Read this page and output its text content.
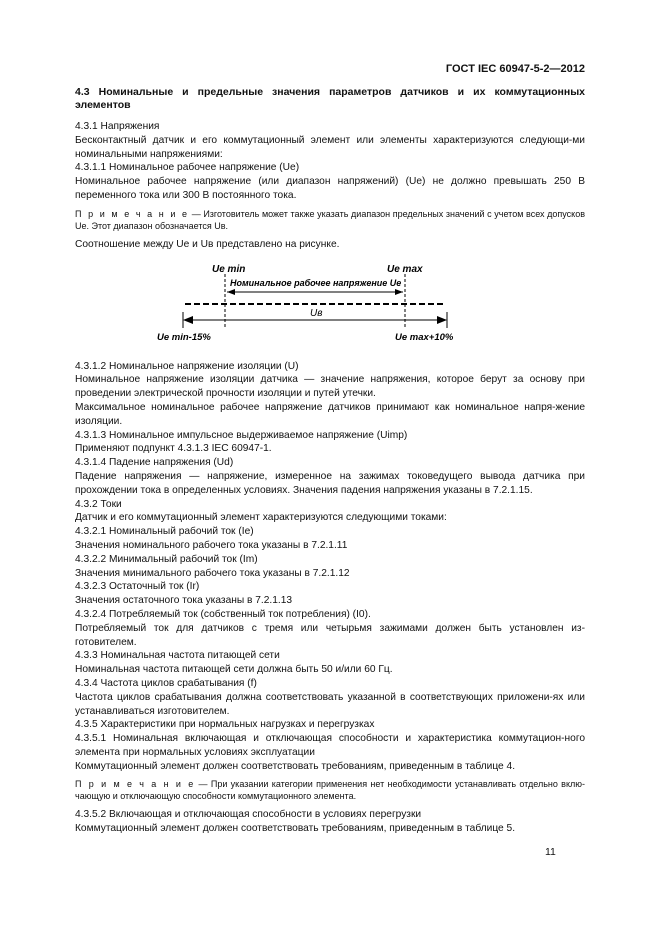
ГОСТ IEC 60947-5-2—2012

4.3 Номинальные и предельные значения параметров датчиков и их коммутационных элементов

4.3.1 Напряжения

Бесконтактный датчик и его коммутационный элемент или элементы характеризуются следующи-ми номинальными напряжениями:

4.3.1.1 Номинальное рабочее напряжение (Uе)

Номинальное рабочее напряжение (или диапазон напряжений) (Uе) не должно превышать 250 В переменного тока или 300 В постоянного тока.

П р и м е ч а н и е — Изготовитель может также указать диапазон предельных значений с учетом всех допусков Uе. Этот диапазон обозначается Uв.

Соотношение между Uе и Uв представлено на рисунке.

Uе min	Uе max
Номинальное рабочее напряжение Uе
Uв
Uе min-15%	Uе max+10%

4.3.1.2 Номинальное напряжение изоляции (U)

Номинальное напряжение изоляции датчика — значение напряжения, которое берут за основу при проведении электрической прочности изоляции и путей утечки.

Максимальное номинальное рабочее напряжение датчиков принимают как номинальное напря-жение изоляции.

4.3.1.3 Номинальное импульсное выдерживаемое напряжение (Uimp)

Применяют подпункт 4.3.1.3 IEC 60947-1.

4.3.1.4 Падение напряжения (Ud)

Падение напряжения — напряжение, измеренное на зажимах токоведущего вывода датчика при прохождении тока в определенных условиях. Значения падения напряжения указаны в 7.2.1.15.

4.3.2 Токи

Датчик и его коммутационный элемент характеризуются следующими токами:

4.3.2.1 Номинальный рабочий ток (Iе)

Значения номинального рабочего тока указаны в 7.2.1.11

4.3.2.2 Минимальный рабочий ток (Im)

Значения минимального рабочего тока указаны в 7.2.1.12

4.3.2.3 Остаточный ток (Ir)

Значения остаточного тока указаны в 7.2.1.13

4.3.2.4 Потребляемый ток (собственный ток потребления) (I0).

Потребляемый ток для датчиков с тремя или четырьмя зажимами должен быть установлен из-готовителем.

4.3.3 Номинальная частота питающей сети

Номинальная частота питающей сети должна быть 50 и/или 60 Гц.

4.3.4 Частота циклов срабатывания (f)

Частота циклов срабатывания должна соответствовать указанной в соответствующих приложени-ях или устанавливаться изготовителем.

4.3.5 Характеристики при нормальных нагрузках и перегрузках

4.3.5.1 Номинальная включающая и отключающая способности и характеристика коммутацион-ного элемента при нормальных условиях эксплуатации

Коммутационный элемент должен соответствовать требованиям, приведенным в таблице 4.

П р и м е ч а н и е — При указании категории применения нет необходимости устанавливать отдельно вклю-чающую и отключающую способности коммутационного элемента.

4.3.5.2 Включающая и отключающая способности в условиях перегрузки

Коммутационный элемент должен соответствовать требованиям, приведенным в таблице 5.

11
